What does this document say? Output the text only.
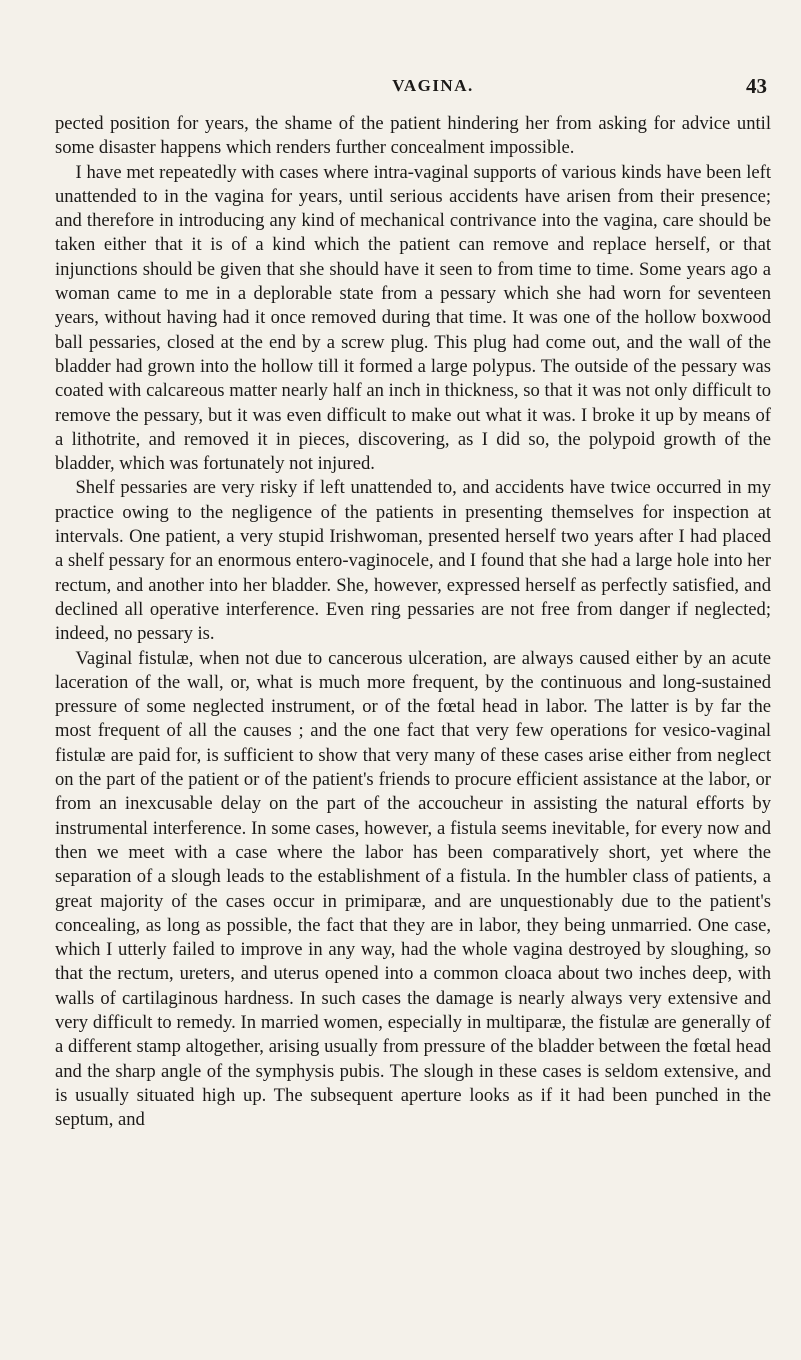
VAGINA.	43

pected position for years, the shame of the patient hindering her from asking for advice until some disaster happens which renders further concealment impossible.

I have met repeatedly with cases where intra-vaginal supports of various kinds have been left unattended to in the vagina for years, until serious accidents have arisen from their presence; and therefore in introducing any kind of mechanical contrivance into the vagina, care should be taken either that it is of a kind which the patient can remove and replace herself, or that injunctions should be given that she should have it seen to from time to time. Some years ago a woman came to me in a deplorable state from a pessary which she had worn for seventeen years, without having had it once removed during that time. It was one of the hollow boxwood ball pessaries, closed at the end by a screw plug. This plug had come out, and the wall of the bladder had grown into the hollow till it formed a large polypus. The outside of the pessary was coated with calcareous matter nearly half an inch in thickness, so that it was not only difficult to remove the pessary, but it was even difficult to make out what it was. I broke it up by means of a lithotrite, and removed it in pieces, discovering, as I did so, the polypoid growth of the bladder, which was fortunately not injured.

Shelf pessaries are very risky if left unattended to, and accidents have twice occurred in my practice owing to the negligence of the patients in presenting themselves for inspection at intervals. One patient, a very stupid Irishwoman, presented herself two years after I had placed a shelf pessary for an enormous entero-vaginocele, and I found that she had a large hole into her rectum, and another into her bladder. She, however, expressed herself as perfectly satisfied, and declined all operative interference. Even ring pessaries are not free from danger if neglected; indeed, no pessary is.

Vaginal fistulæ, when not due to cancerous ulceration, are always caused either by an acute laceration of the wall, or, what is much more frequent, by the continuous and long-sustained pressure of some neglected instrument, or of the fœtal head in labor. The latter is by far the most frequent of all the causes ; and the one fact that very few operations for vesico-vaginal fistulæ are paid for, is sufficient to show that very many of these cases arise either from neglect on the part of the patient or of the patient's friends to procure efficient assistance at the labor, or from an inexcusable delay on the part of the accoucheur in assisting the natural efforts by instrumental interference. In some cases, however, a fistula seems inevitable, for every now and then we meet with a case where the labor has been comparatively short, yet where the separation of a slough leads to the establishment of a fistula. In the humbler class of patients, a great majority of the cases occur in primiparæ, and are unquestionably due to the patient's concealing, as long as possible, the fact that they are in labor, they being unmarried. One case, which I utterly failed to improve in any way, had the whole vagina destroyed by sloughing, so that the rectum, ureters, and uterus opened into a common cloaca about two inches deep, with walls of cartilaginous hardness. In such cases the damage is nearly always very extensive and very difficult to remedy. In married women, especially in multiparæ, the fistulæ are generally of a different stamp altogether, arising usually from pressure of the bladder between the fœtal head and the sharp angle of the symphysis pubis. The slough in these cases is seldom extensive, and is usually situated high up. The subsequent aperture looks as if it had been punched in the septum, and
